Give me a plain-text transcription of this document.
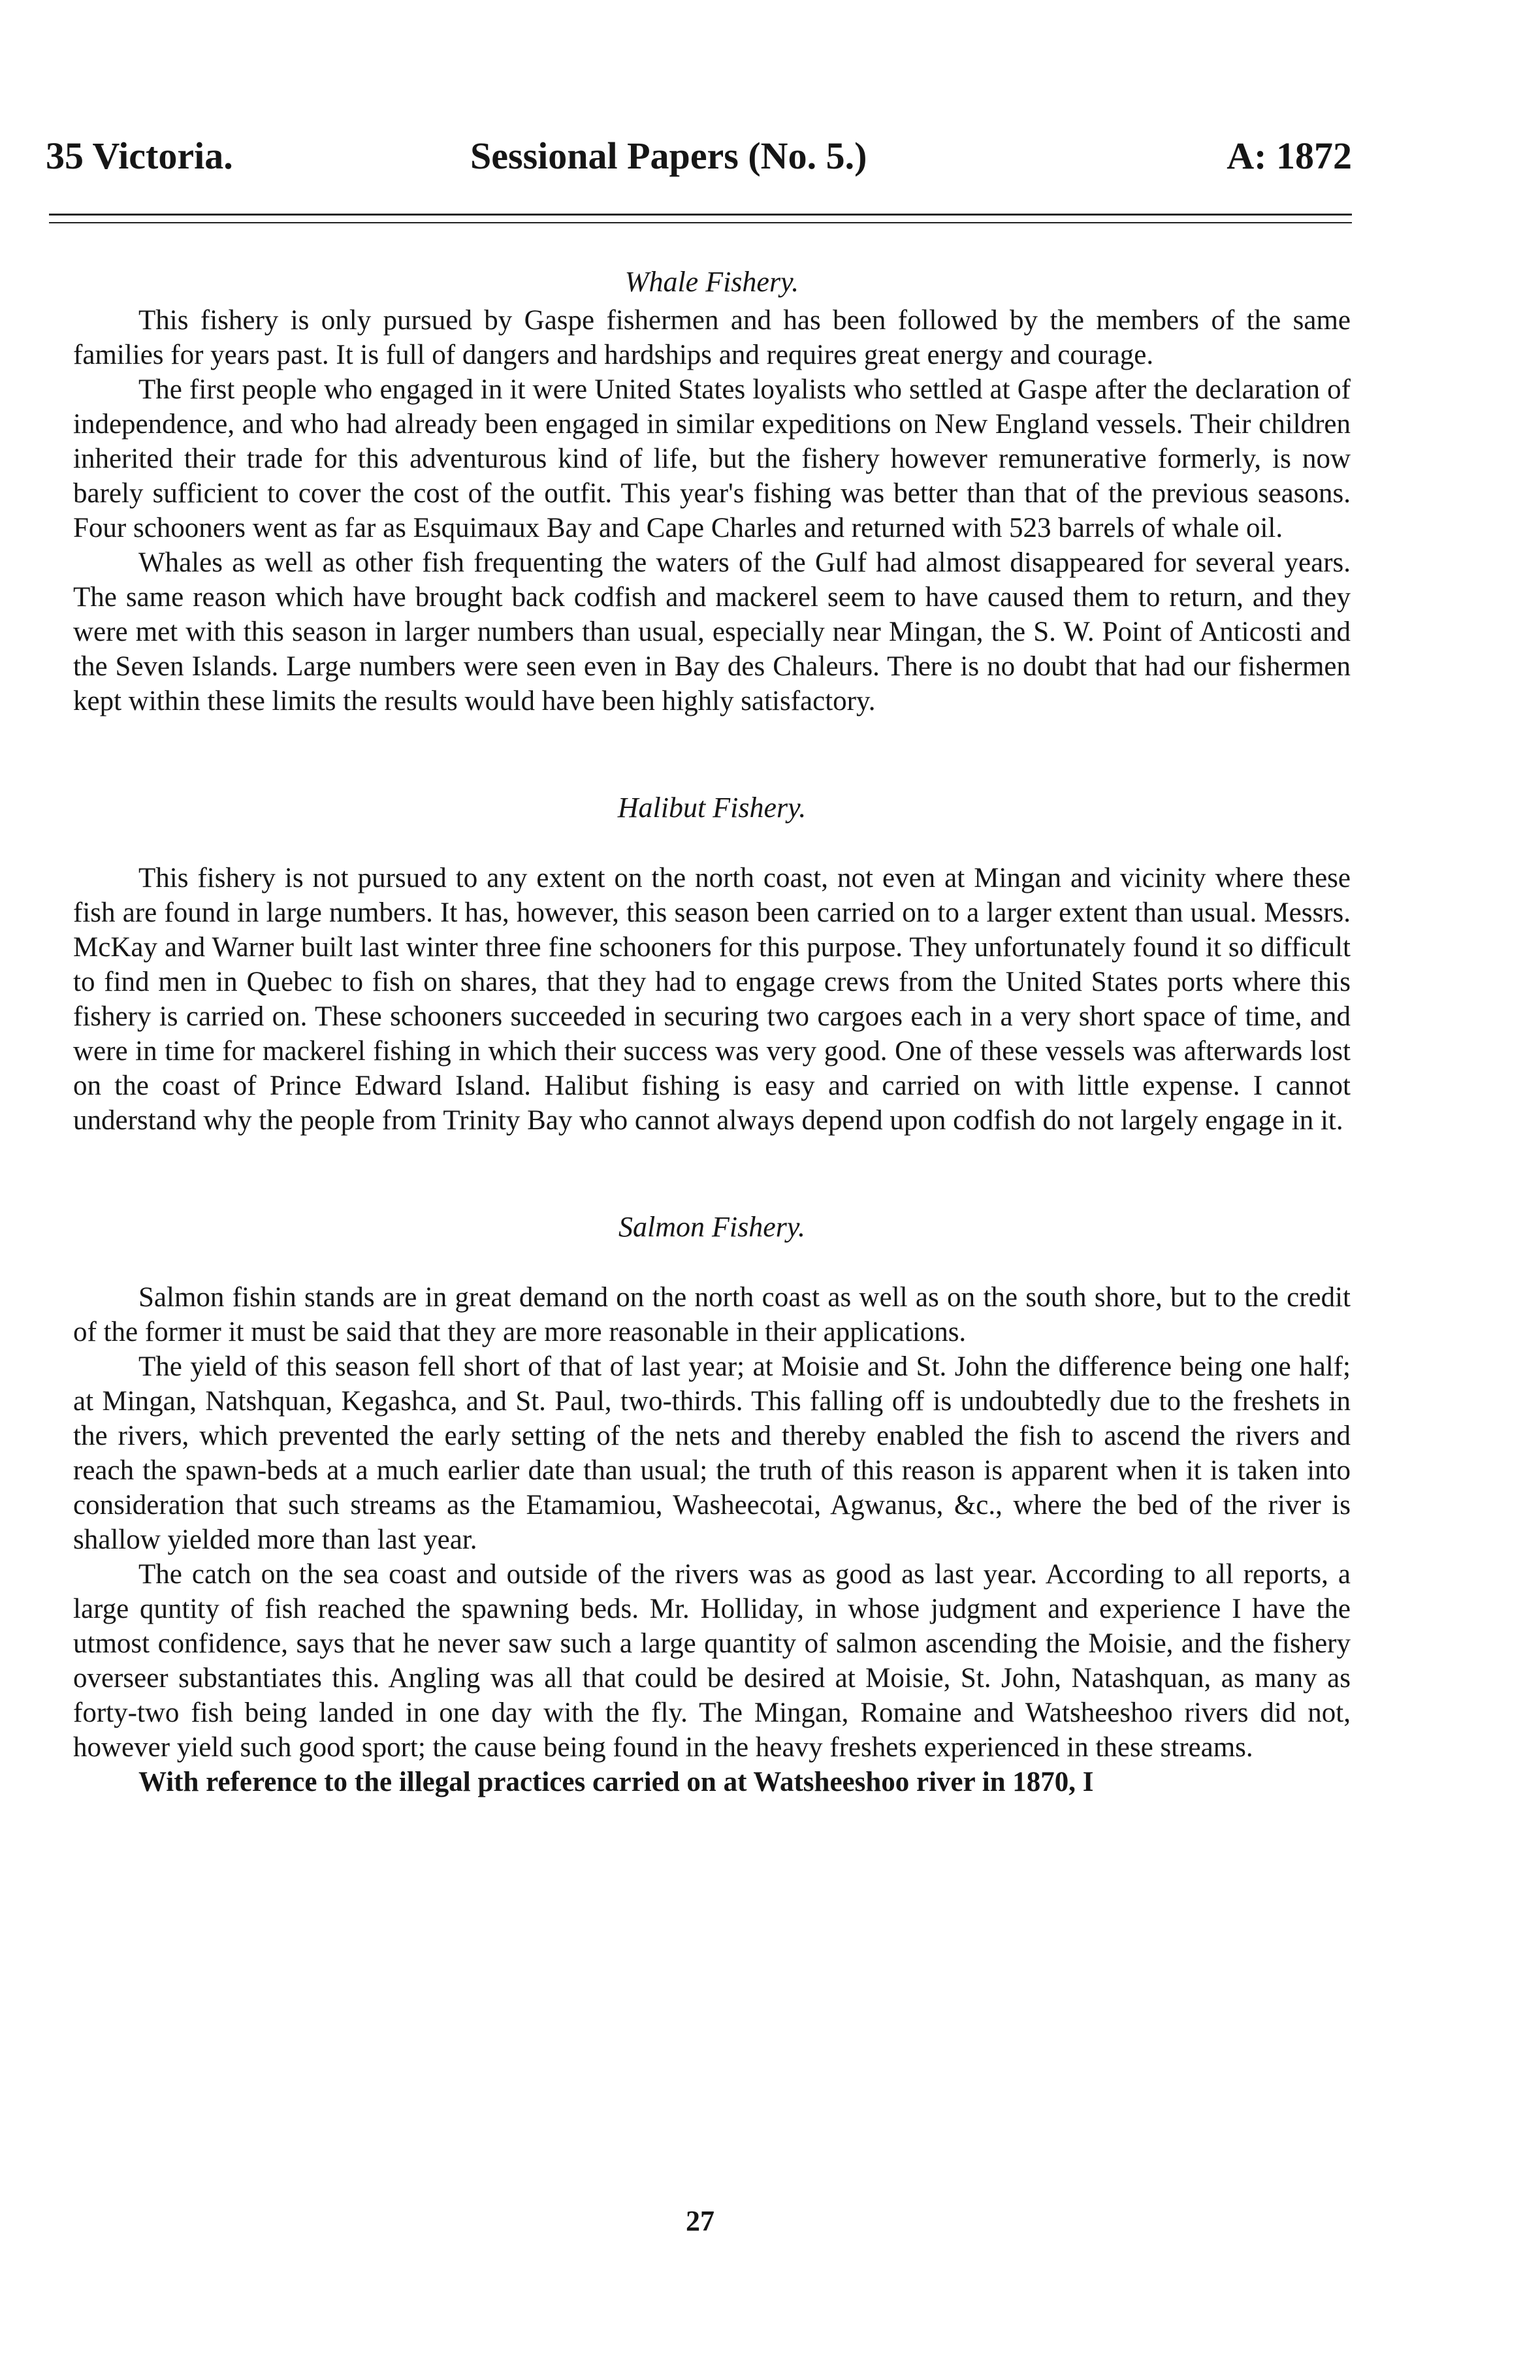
35 Victoria.	Sessional Papers (No. 5.)	A: 1872
Whale Fishery.

This fishery is only pursued by Gaspe fishermen and has been followed by the members of the same families for years past. It is full of dangers and hardships and requires great energy and courage.

The first people who engaged in it were United States loyalists who settled at Gaspe after the declaration of independence, and who had already been engaged in similar expeditions on New England vessels. Their children inherited their trade for this adventurous kind of life, but the fishery however remunerative formerly, is now barely sufficient to cover the cost of the outfit. This year's fishing was better than that of the previous seasons. Four schooners went as far as Esquimaux Bay and Cape Charles and returned with 523 barrels of whale oil.

Whales as well as other fish frequenting the waters of the Gulf had almost disappeared for several years. The same reason which have brought back codfish and mackerel seem to have caused them to return, and they were met with this season in larger numbers than usual, especially near Mingan, the S. W. Point of Anticosti and the Seven Islands. Large numbers were seen even in Bay des Chaleurs. There is no doubt that had our fishermen kept within these limits the results would have been highly satisfactory.

Halibut Fishery.

This fishery is not pursued to any extent on the north coast, not even at Mingan and vicinity where these fish are found in large numbers. It has, however, this season been carried on to a larger extent than usual. Messrs. McKay and Warner built last winter three fine schooners for this purpose. They unfortunately found it so difficult to find men in Quebec to fish on shares, that they had to engage crews from the United States ports where this fishery is carried on. These schooners succeeded in securing two cargoes each in a very short space of time, and were in time for mackerel fishing in which their success was very good. One of these vessels was afterwards lost on the coast of Prince Edward Island. Halibut fishing is easy and carried on with little expense. I cannot understand why the people from Trinity Bay who cannot always depend upon codfish do not largely engage in it.

Salmon Fishery.

Salmon fishin stands are in great demand on the north coast as well as on the south shore, but to the credit of the former it must be said that they are more reasonable in their applications.

The yield of this season fell short of that of last year; at Moisie and St. John the difference being one half; at Mingan, Natshquan, Kegashca, and St. Paul, two-thirds. This falling off is undoubtedly due to the freshets in the rivers, which prevented the early setting of the nets and thereby enabled the fish to ascend the rivers and reach the spawn-beds at a much earlier date than usual; the truth of this reason is apparent when it is taken into consideration that such streams as the Etamamiou, Washeecotai, Agwanus, &c., where the bed of the river is shallow yielded more than last year.

The catch on the sea coast and outside of the rivers was as good as last year. According to all reports, a large quntity of fish reached the spawning beds. Mr. Holliday, in whose judgment and experience I have the utmost confidence, says that he never saw such a large quantity of salmon ascending the Moisie, and the fishery overseer substantiates this. Angling was all that could be desired at Moisie, St. John, Natashquan, as many as forty-two fish being landed in one day with the fly. The Mingan, Romaine and Watsheeshoo rivers did not, however yield such good sport; the cause being found in the heavy freshets experienced in these streams.

With reference to the illegal practices carried on at Watsheeshoo river in 1870, I

27
